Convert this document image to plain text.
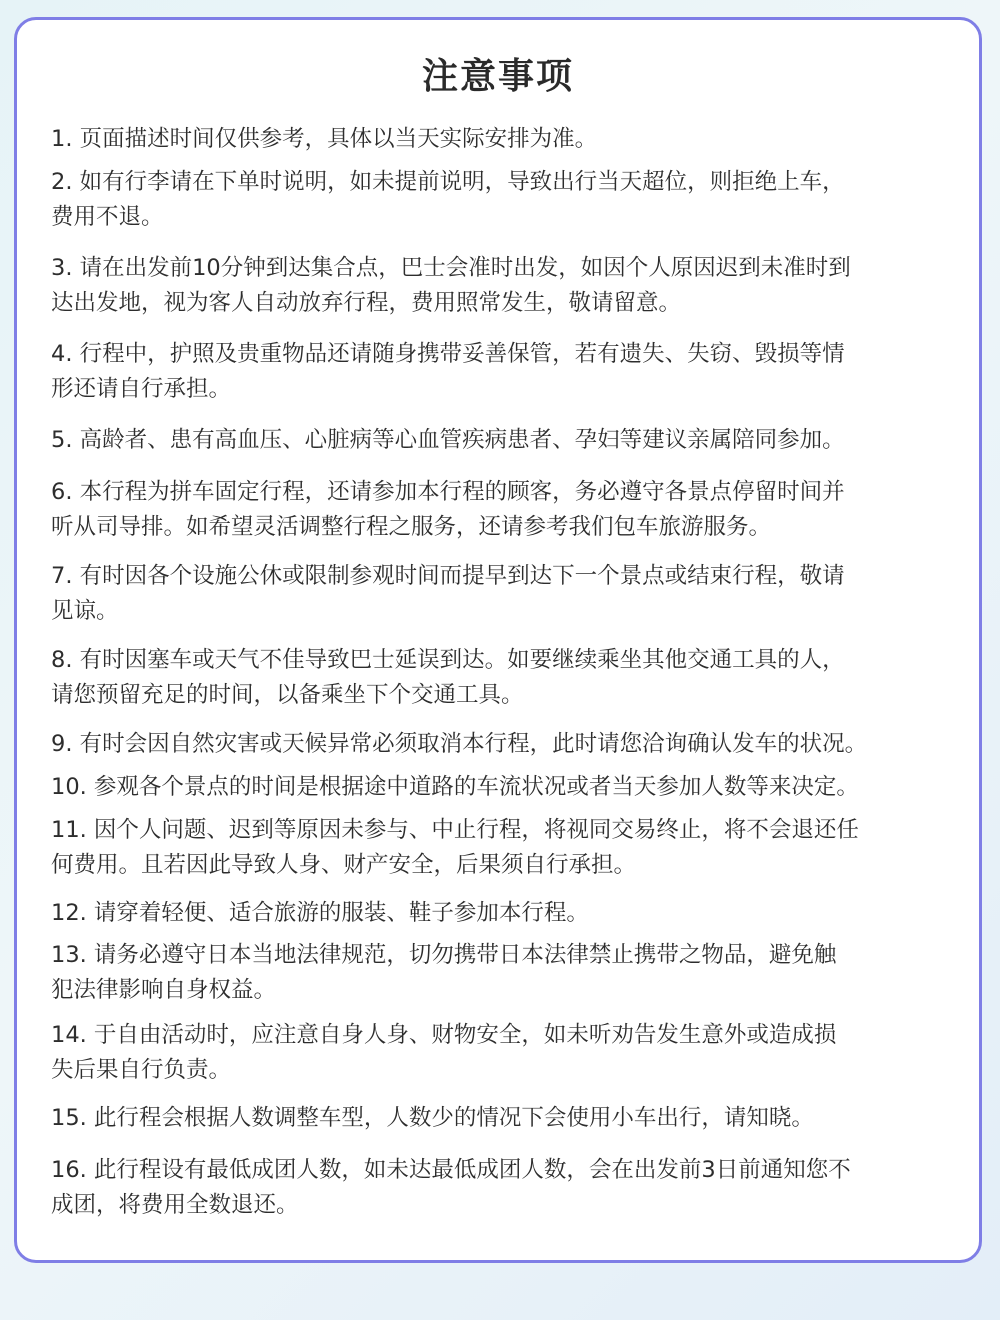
注意事项
1. 页面描述时间仅供参考，具体以当天实际安排为准。
2. 如有行李请在下单时说明，如未提前说明，导致出行当天超位，则拒绝上车，
费用不退。
3. 请在出发前10分钟到达集合点，巴士会准时出发，如因个人原因迟到未准时到
达出发地，视为客人自动放弃行程，费用照常发生，敬请留意。
4. 行程中，护照及贵重物品还请随身携带妥善保管，若有遗失、失窃、毁损等情
形还请自行承担。
5. 高龄者、患有高血压、心脏病等心血管疾病患者、孕妇等建议亲属陪同参加。
6. 本行程为拼车固定行程，还请参加本行程的顾客，务必遵守各景点停留时间并
听从司导排。如希望灵活调整行程之服务，还请参考我们包车旅游服务。
7. 有时因各个设施公休或限制参观时间而提早到达下一个景点或结束行程，敬请
见谅。
8. 有时因塞车或天气不佳导致巴士延误到达。如要继续乘坐其他交通工具的人，
请您预留充足的时间，以备乘坐下个交通工具。
9. 有时会因自然灾害或天候异常必须取消本行程，此时请您洽询确认发车的状况。
10. 参观各个景点的时间是根据途中道路的车流状况或者当天参加人数等来决定。
11. 因个人问题、迟到等原因未参与、中止行程，将视同交易终止，将不会退还任
何费用。且若因此导致人身、财产安全，后果须自行承担。
12. 请穿着轻便、适合旅游的服装、鞋子参加本行程。
13. 请务必遵守日本当地法律规范，切勿携带日本法律禁止携带之物品，避免触
犯法律影响自身权益。
14. 于自由活动时，应注意自身人身、财物安全，如未听劝告发生意外或造成损
失后果自行负责。
15. 此行程会根据人数调整车型，人数少的情况下会使用小车出行，请知晓。
16. 此行程设有最低成团人数，如未达最低成团人数，会在出发前3日前通知您不
成团，将费用全数退还。
